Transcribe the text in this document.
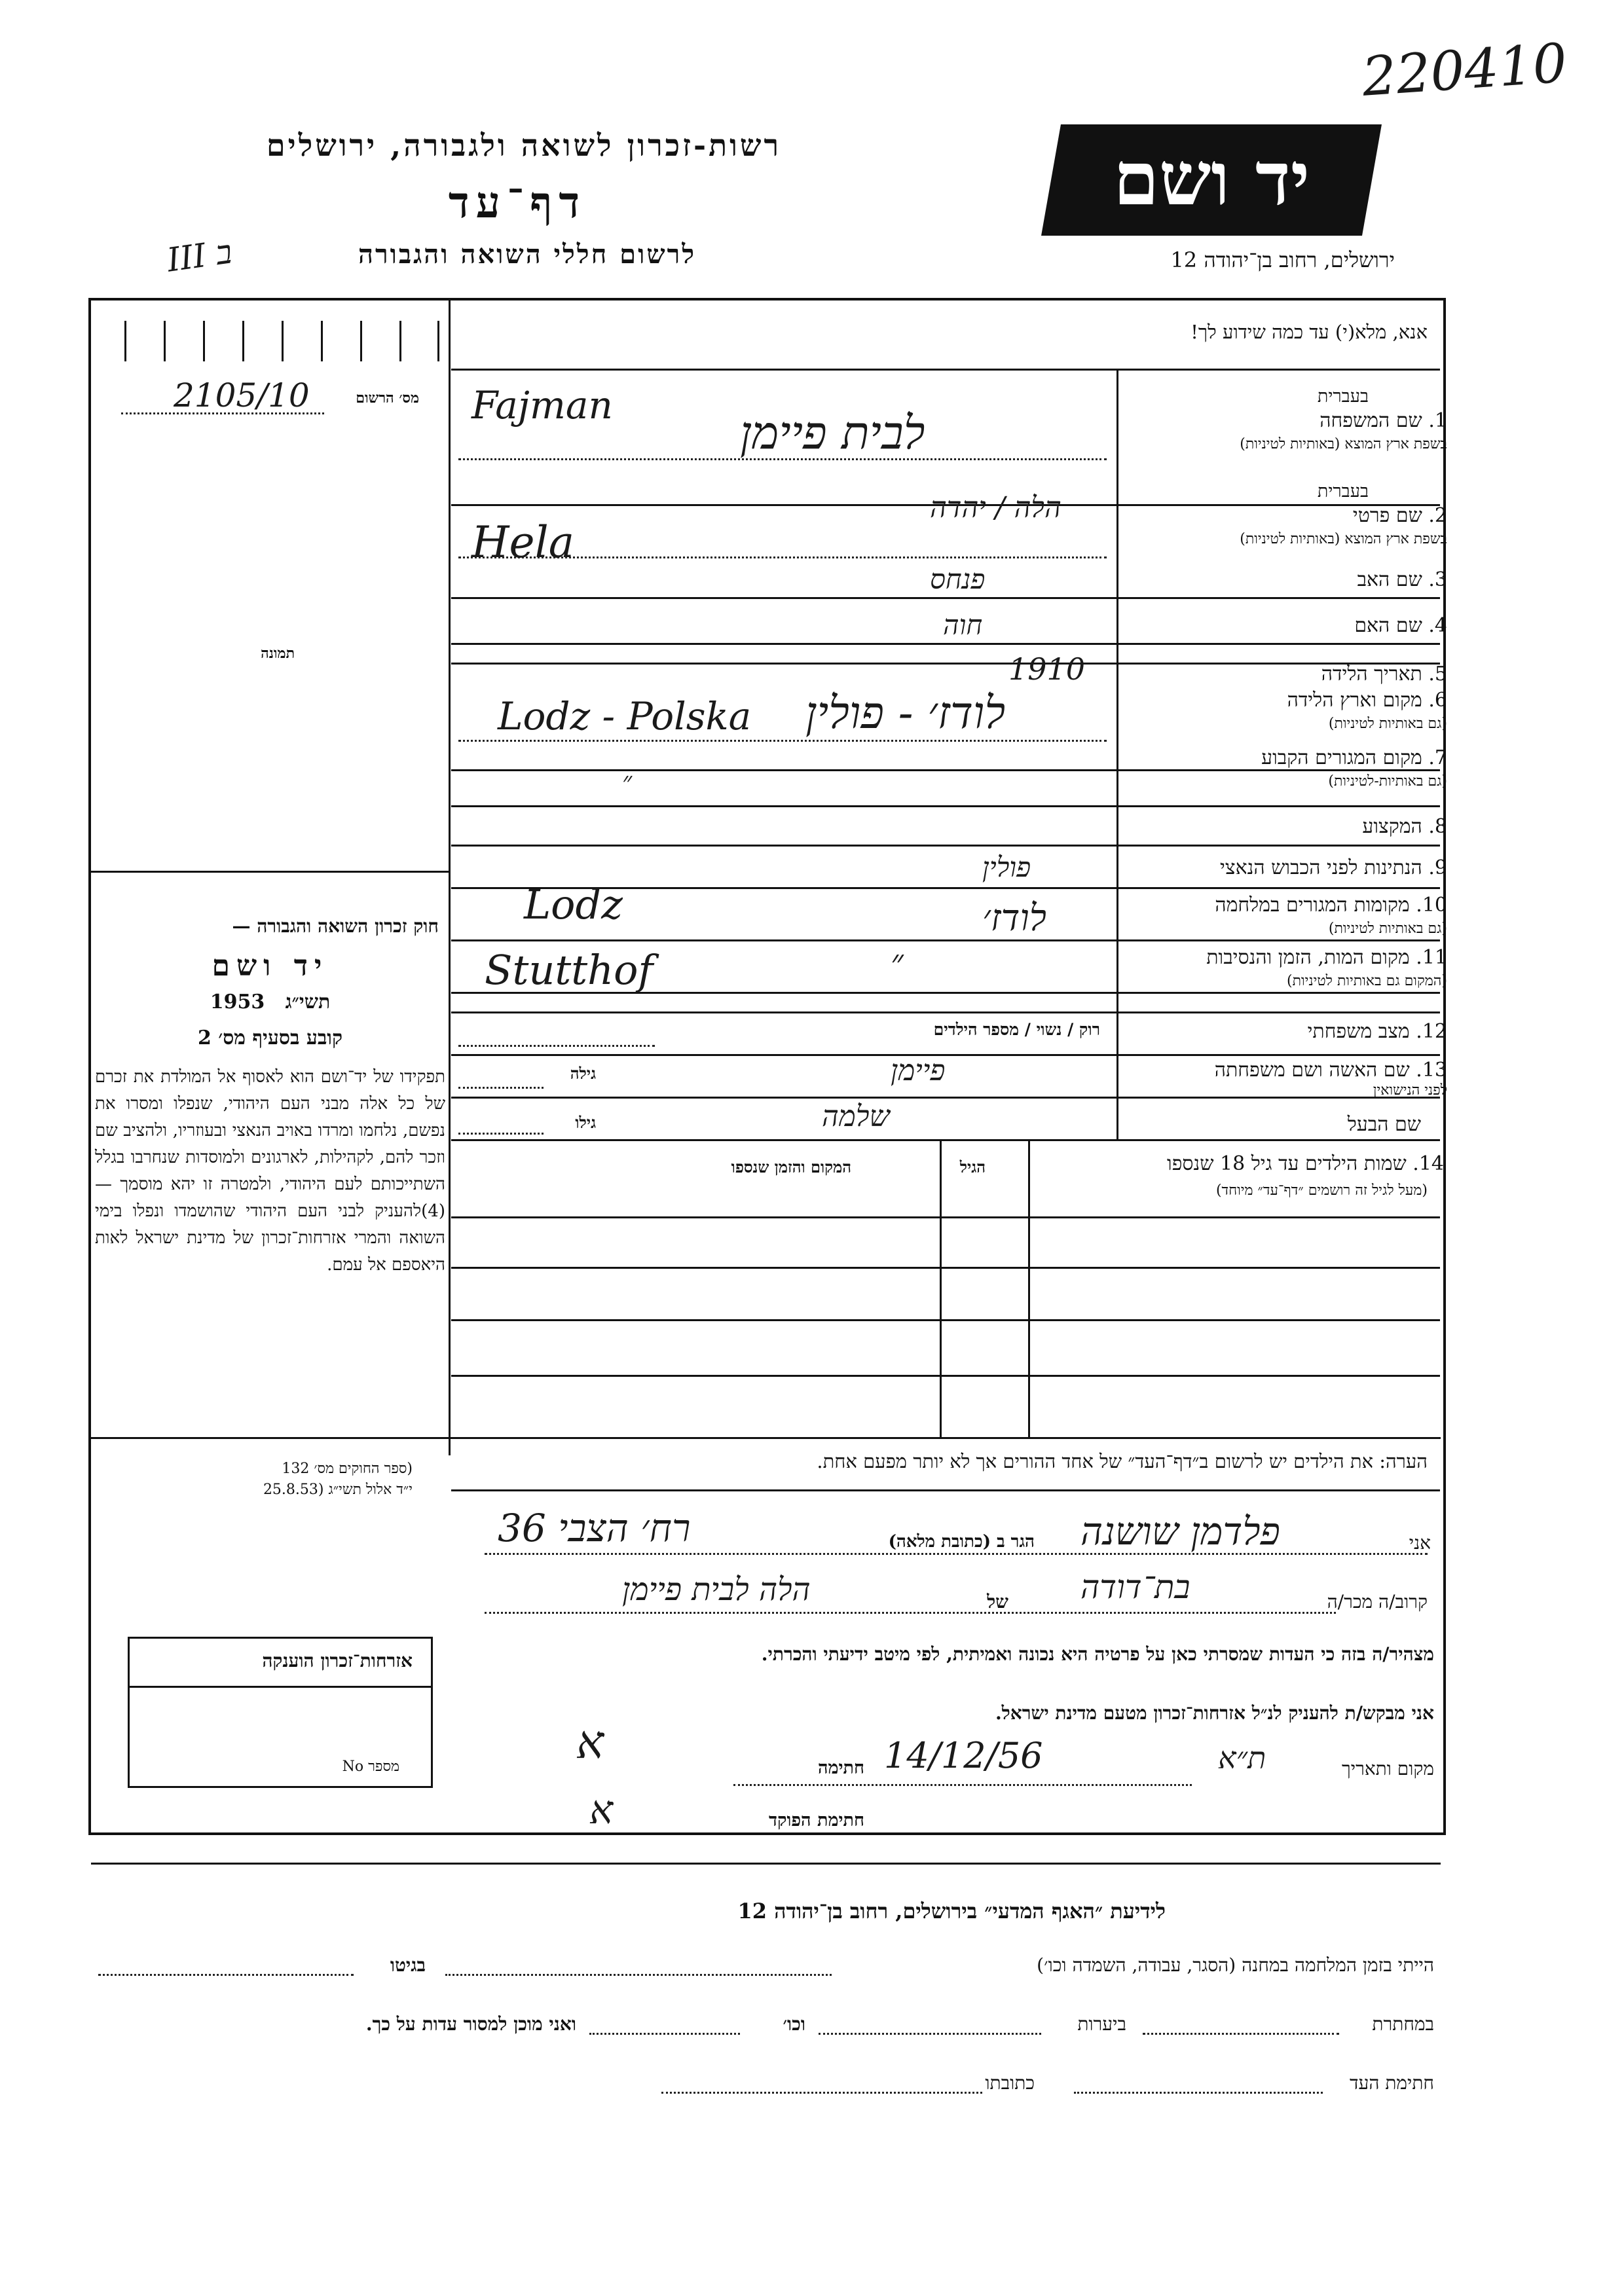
220410
רשות-זכרון לשואה ולגבורה, ירושלים
דף־עד
לרשום חללי השואה והגבורה
III ב
יד ושם
ירושלים, רחוב בן־יהודה 12
אנא, מלא(י) עד כמה שידוע לך!
מס׳ הרשום
2105/10
תמונה
חוק זכרון השואה והגבורה —
יד ושם
1953 תשי״ג
קובע בסעיף מס׳ 2
תפקידו של יד־ושם הוא לאסוף אל המולדת את זכרם של כל אלה מבני העם היהודי, שנפלו ומסרו את נפשם, נלחמו ומרדו באויב הנאצי ובעוזריו, ולהציב שם וזכר להם, לקהילות, לארגונים ולמוסדות שנחרבו בגלל השתייכותם לעם היהודי, ולמטרה זו יהא מוסמך — (4)להעניק לבני העם היהודי שהושמדו ונפלו בימי השואה והמרי אזרחות־זכרון של מדינת ישראל לאות היאספם אל עמם.
(ספר החוקים מס׳ 132
י״ד אלול תשי״ג (25.8.53
אזרחות־זכרון הוענקה
No מספר
בעברית
1. שם המשפחה
בשפת ארץ המוצא (באותיות לטיניות)
Fajman
לבית פיימן
בעברית
2. שם פרטי
בשפת ארץ המוצא (באותיות לטיניות)
Hela
הלה / יהדה
3. שם האב
פנחס
4. שם האם
חוה
5. תאריך הלידה
1910
6. מקום וארץ הלידה
(גם באותיות לטיניות)
Lodz - Polska לודז׳ - פולין
7. מקום המגורים הקבוע
(גם באותיות-לטיניות)
״
8. המקצוע
9. הנתינות לפני הכבוש הנאצי
פולין
10. מקומות המגורים במלחמה
(גם באותיות לטיניות)
Lodz	לודז׳
11. מקום המות, הזמן והנסיבות
(המקום גם באותיות לטיניות)
Stutthof	״
12. מצב משפחתי
רוק / נשוי / מספר הילדים
13. שם האשה ושם משפחתה
לפני הנישואין
גילה	פיימן
שם הבעל
גילו	שלמה
14. שמות הילדים עד גיל 18 שנספו
(מעל לגיל זה רושמים ״דף־עד״ מיוחד)
הגיל
המקום והזמן שנספו
הערה: את הילדים יש לרשום ב״דף־העד״ של אחד ההורים אך לא יותר מפעם אחת.
אני
פלדמן שושנה
הגר ב (כתובת מלאה)
רח׳ הצבי 36
קרוב/ה מכר/ה
בת־דודה
של
הלה לבית פיימן
מצהיר/ה בזה כי העדות שמסרתי כאן על פרטיה היא נכונה ואמיתית, לפי מיטב ידיעתי והכרתי.
אני מבקש/ת להעניק לנ״ל אזרחות־זכרון מטעם מדינת ישראל.
מקום ותאריך
ת״א
14/12/56
חתימה
ﬡ
חתימת הפוקד
ﬡ
לידיעת ״האגף המדעי״ בירושלים, רחוב בן־יהודה 12
הייתי בזמן המלחמה במחנה (הסגר, עבודה, השמדה וכו׳)
בגיטו
במחתרת
ביערות
וכו׳
ואני מוכן למסור עדות על כך.
חתימת העד
כתובתו
